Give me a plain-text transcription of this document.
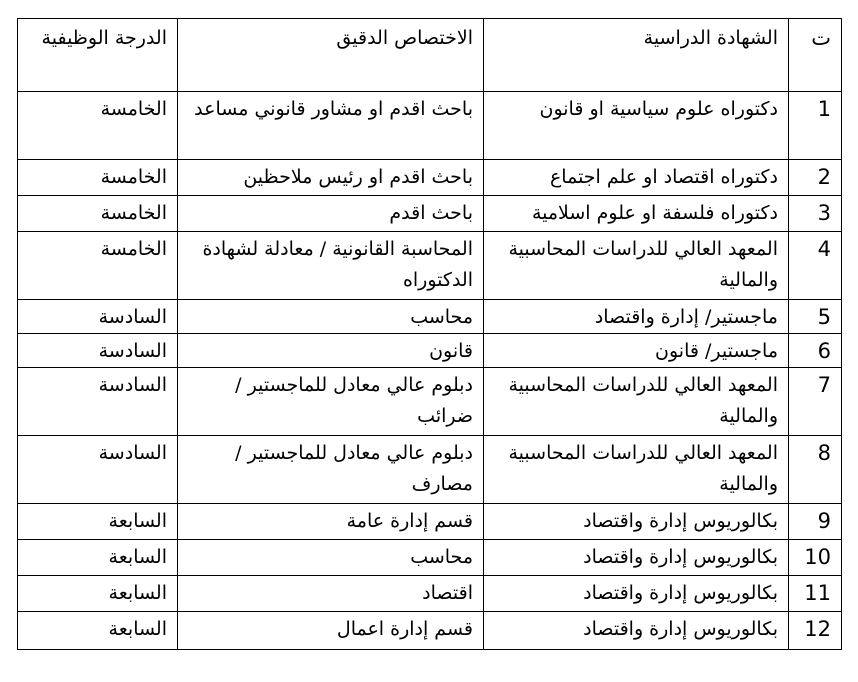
ت	الشهادة الدراسية	الاختصاص الدقيق	الدرجة الوظيفية
1	دكتوراه علوم سياسية او قانون	باحث اقدم او مشاور قانوني مساعد	الخامسة
2	دكتوراه اقتصاد او علم اجتماع	باحث اقدم او رئيس ملاحظين	الخامسة
3	دكتوراه فلسفة او علوم اسلامية	باحث اقدم	الخامسة
4	المعهد العالي للدراسات المحاسبية والمالية	المحاسبة القانونية / معادلة لشهادة الدكتوراه	الخامسة
5	ماجستير/ إدارة واقتصاد	محاسب	السادسة
6	ماجستير/ قانون	قانون	السادسة
7	المعهد العالي للدراسات المحاسبية والمالية	دبلوم عالي معادل للماجستير / ضرائب	السادسة
8	المعهد العالي للدراسات المحاسبية والمالية	دبلوم عالي معادل للماجستير / مصارف	السادسة
9	بكالوريوس إدارة واقتصاد	قسم إدارة عامة	السابعة
10	بكالوريوس إدارة واقتصاد	محاسب	السابعة
11	بكالوريوس إدارة واقتصاد	اقتصاد	السابعة
12	بكالوريوس إدارة واقتصاد	قسم إدارة اعمال	السابعة
